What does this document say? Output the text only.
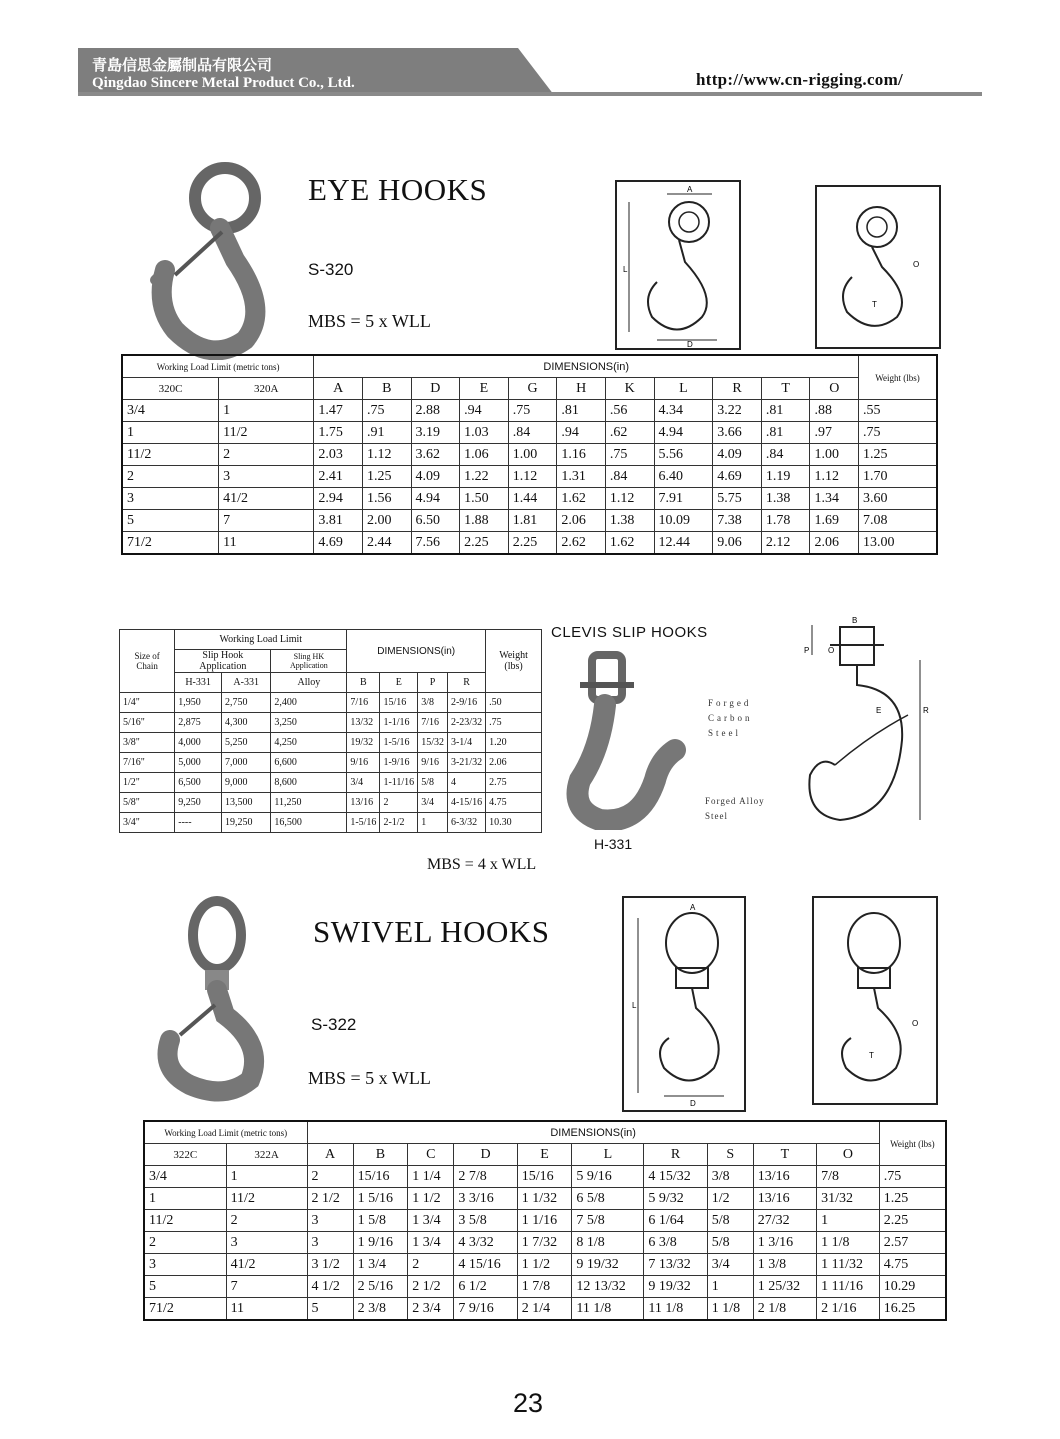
青島信思金屬制品有限公司
Qingdao Sincere Metal Product Co., Ltd.	http://www.cn-rigging.com/
EYE HOOKS
S-320
MBS = 5 x WLL
L
A
D
O
T
Working Load Limit (metric tons)		DIMENSIONS(in)											Weight (lbs)
320C	320A	A	B	D	E	G	H	K	L	R	T	O	
3/4	1	1.47	.75	2.88	.94	.75	.81	.56	4.34	3.22	.81	.88	.55
1	11/2	1.75	.91	3.19	1.03	.84	.94	.62	4.94	3.66	.81	.97	.75
11/2	2	2.03	1.12	3.62	1.06	1.00	1.16	.75	5.56	4.09	.84	1.00	1.25
2	3	2.41	1.25	4.09	1.22	1.12	1.31	.84	6.40	4.69	1.19	1.12	1.70
3	41/2	2.94	1.56	4.94	1.50	1.44	1.62	1.12	7.91	5.75	1.38	1.34	3.60
5	7	3.81	2.00	6.50	1.88	1.81	2.06	1.38	10.09	7.38	1.78	1.69	7.08
71/2	11	4.69	2.44	7.56	2.25	2.25	2.62	1.62	12.44	9.06	2.12	2.06	13.00
Size of Chain	Working Load Limit			DIMENSIONS(in)				Weight (lbs)
	Slip Hook Application		Sling HK Application					
	H-331	A-331	Alloy	B	E	P	R	
1/4"	1,950	2,750	2,400	7/16	15/16	3/8	2-9/16	.50
5/16"	2,875	4,300	3,250	13/32	1-1/16	7/16	2-23/32	.75
3/8"	4,000	5,250	4,250	19/32	1-5/16	15/32	3-1/4	1.20
7/16"	5,000	7,000	6,600	9/16	1-9/16	9/16	3-21/32	2.06
1/2"	6,500	9,000	8,600	3/4	1-11/16	5/8	4	2.75
5/8"	9,250	13,500	11,250	13/16	2	3/4	4-15/16	4.75
3/4"	----	19,250	16,500	1-5/16	2-1/2	1	6-3/32	10.30
MBS = 4 x WLL
CLEVIS SLIP HOOKS
H-331
Forged Carbon Steel
Forged Alloy Steel
B
P O
R
E
SWIVEL HOOKS
S-322
MBS = 5 x WLL
L
A
D
O
T
Working Load Limit (metric tons)		DIMENSIONS(in)										Weight (lbs)
322C	322A	A	B	C	D	E	L	R	S	T	O	
3/4	1	2	15/16	1 1/4	2 7/8	15/16	5 9/16	4 15/32	3/8	13/16	7/8	.75
1	11/2	2 1/2	1 5/16	1 1/2	3 3/16	1 1/32	6 5/8	5 9/32	1/2	13/16	31/32	1.25
11/2	2	3	1 5/8	1 3/4	3 5/8	1 1/16	7 5/8	6 1/64	5/8	27/32	1	2.25
2	3	3	1 9/16	1 3/4	4 3/32	1 7/32	8 1/8	6 3/8	5/8	1 3/16	1 1/8	2.57
3	41/2	3 1/2	1 3/4	2	4 15/16	1 1/2	9 19/32	7 13/32	3/4	1 3/8	1 11/32	4.75
5	7	4 1/2	2 5/16	2 1/2	6 1/2	1 7/8	12 13/32	9 19/32	1	1 25/32	1 11/16	10.29
71/2	11	5	2 3/8	2 3/4	7 9/16	2 1/4	11 1/8	11 1/8	1 1/8	2 1/8	2 1/16	16.25
23
